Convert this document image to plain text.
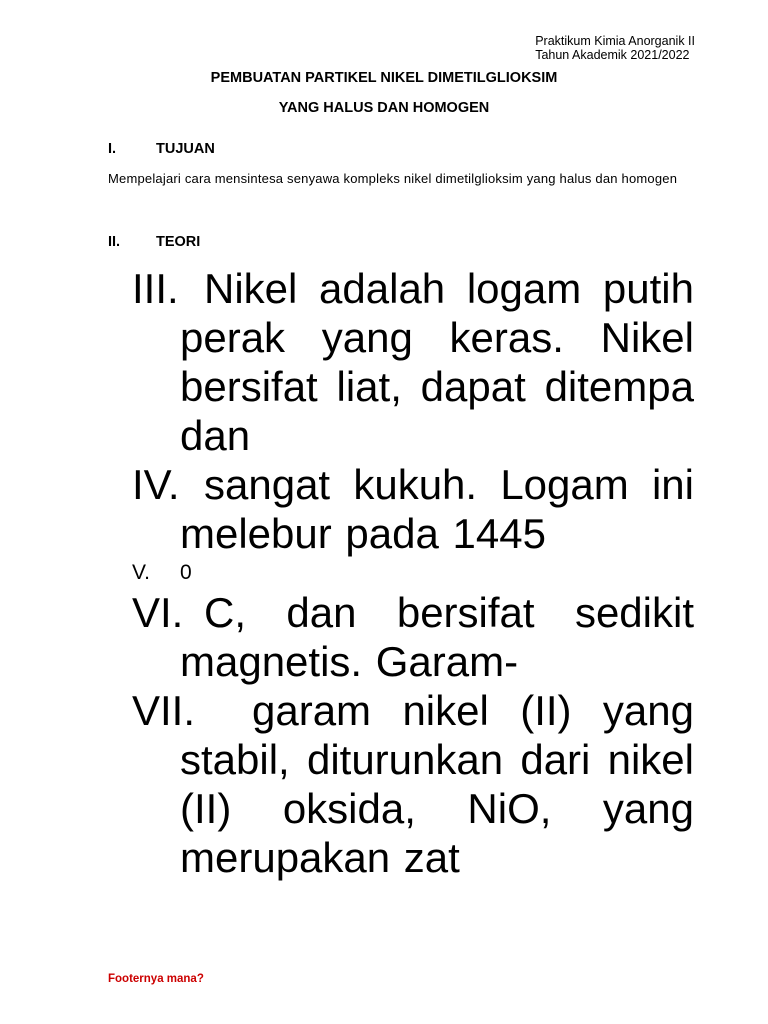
Praktikum Kimia Anorganik II
Tahun Akademik 2021/2022
PEMBUATAN PARTIKEL NIKEL DIMETILGLIOKSIM
YANG HALUS DAN HOMOGEN
I.	TUJUAN
Mempelajari cara mensintesa senyawa kompleks nikel dimetilglioksim yang halus dan homogen
II. TEORI
III. Nikel adalah logam putih perak yang keras. Nikel bersifat liat, dapat ditempa dan
IV. sangat kukuh. Logam ini melebur pada 1445
V. 0
VI. C, dan bersifat sedikit magnetis. Garam-
VII.	garam nikel (II) yang stabil, diturunkan dari nikel (II) oksida, NiO, yang merupakan zat
Footernya mana?
